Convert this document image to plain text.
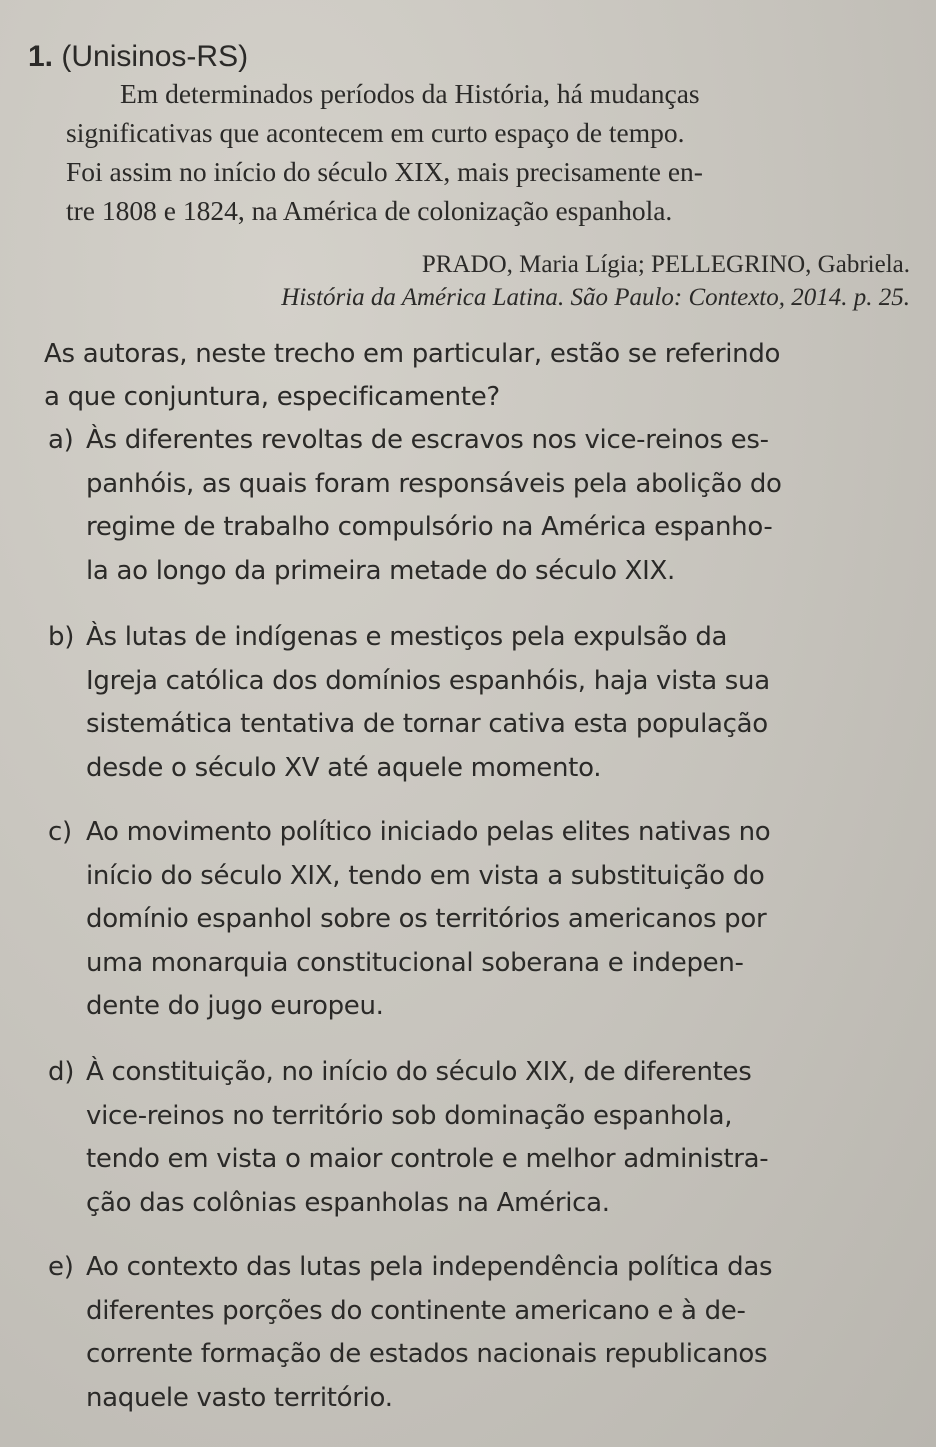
1. (Unisinos-RS)
Em determinados períodos da História, há mudanças
significativas que acontecem em curto espaço de tempo.
Foi assim no início do século XIX, mais precisamente en-
tre 1808 e 1824, na América de colonização espanhola.
PRADO, Maria Lígia; PELLEGRINO, Gabriela.
História da América Latina. São Paulo: Contexto, 2014. p. 25.
As autoras, neste trecho em particular, estão se referindo
a que conjuntura, especificamente?
a) Às diferentes revoltas de escravos nos vice-reinos es-
panhóis, as quais foram responsáveis pela abolição do
regime de trabalho compulsório na América espanho-
la ao longo da primeira metade do século XIX.
b) Às lutas de indígenas e mestiços pela expulsão da
Igreja católica dos domínios espanhóis, haja vista sua
sistemática tentativa de tornar cativa esta população
desde o século XV até aquele momento.
c) Ao movimento político iniciado pelas elites nativas no
início do século XIX, tendo em vista a substituição do
domínio espanhol sobre os territórios americanos por
uma monarquia constitucional soberana e indepen-
dente do jugo europeu.
d) À constituição, no início do século XIX, de diferentes
vice-reinos no território sob dominação espanhola,
tendo em vista o maior controle e melhor administra-
ção das colônias espanholas na América.
e) Ao contexto das lutas pela independência política das
diferentes porções do continente americano e à de-
corrente formação de estados nacionais republicanos
naquele vasto território.
